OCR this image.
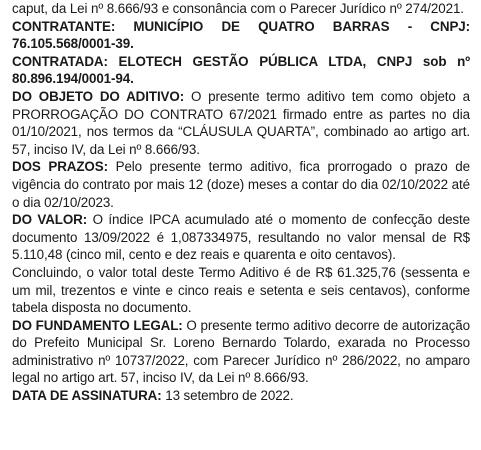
caput, da Lei nº 8.666/93 e consonância com o Parecer Jurídico nº 274/2021.

CONTRATANTE: MUNICÍPIO DE QUATRO BARRAS - CNPJ: 76.105.568/0001-39.

CONTRATADA: ELOTECH GESTÃO PÚBLICA LTDA, CNPJ sob nº 80.896.194/0001-94.

DO OBJETO DO ADITIVO: O presente termo aditivo tem como objeto a PRORROGAÇÃO DO CONTRATO 67/2021 firmado entre as partes no dia 01/10/2021, nos termos da “CLÁUSULA QUARTA”, combinado ao artigo art. 57, inciso IV, da Lei nº 8.666/93.

DOS PRAZOS: Pelo presente termo aditivo, fica prorrogado o prazo de vigência do contrato por mais 12 (doze) meses a contar do dia 02/10/2022 até o dia 02/10/2023.

DO VALOR: O índice IPCA acumulado até o momento de confecção deste documento 13/09/2022 é 1,087334975, resultando no valor mensal de R$ 5.110,48 (cinco mil, cento e dez reais e quarenta e oito centavos).

Concluindo, o valor total deste Termo Aditivo é de R$ 61.325,76 (sessenta e um mil, trezentos e vinte e cinco reais e setenta e seis centavos), conforme tabela disposta no documento.

DO FUNDAMENTO LEGAL: O presente termo aditivo decorre de autorização do Prefeito Municipal Sr. Loreno Bernardo Tolardo, exarada no Processo administrativo nº 10737/2022, com Parecer Jurídico nº 286/2022, no amparo legal no artigo art. 57, inciso IV, da Lei nº 8.666/93.

DATA DE ASSINATURA: 13 setembro de 2022.
